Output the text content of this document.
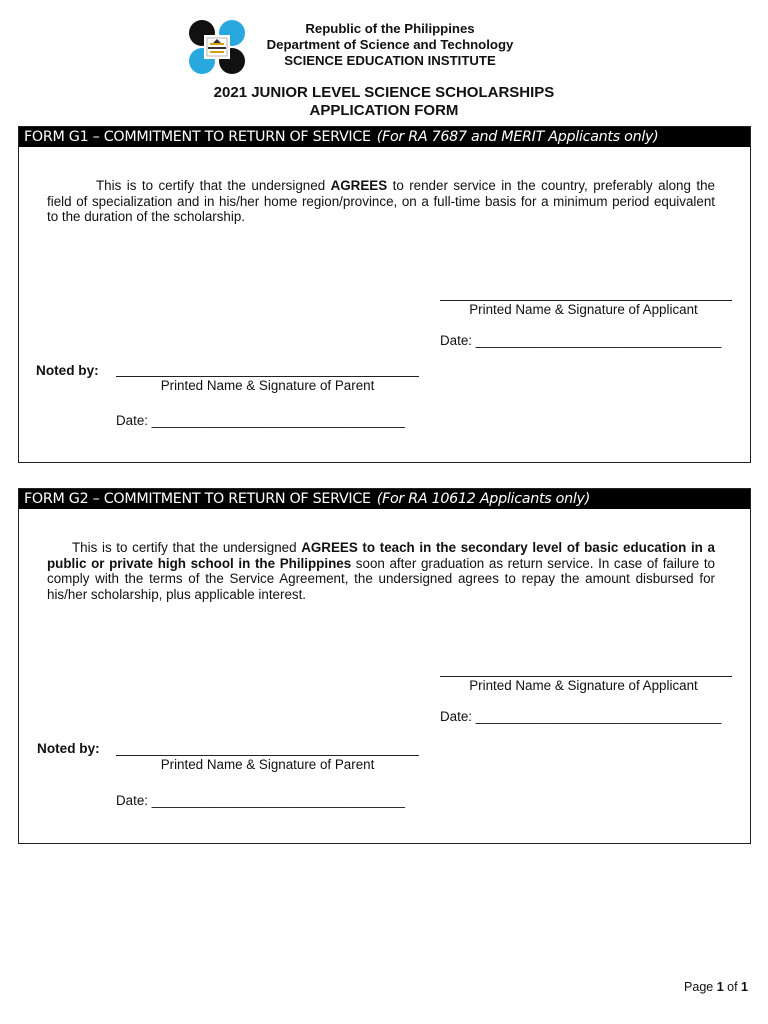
Republic of the Philippines
Department of Science and Technology
SCIENCE EDUCATION INSTITUTE
2021 JUNIOR LEVEL SCIENCE SCHOLARSHIPS
APPLICATION FORM
FORM G1 – COMMITMENT TO RETURN OF SERVICE (For RA 7687 and MERIT Applicants only)
This is to certify that the undersigned AGREES to render service in the country, preferably along the field of specialization and in his/her home region/province, on a full-time basis for a minimum period equivalent to the duration of the scholarship.
Printed Name & Signature of Applicant
Date: _________________________________
Noted by:
Printed Name & Signature of Parent
Date: __________________________________
FORM G2 – COMMITMENT TO RETURN OF SERVICE (For RA 10612 Applicants only)
This is to certify that the undersigned AGREES to teach in the secondary level of basic education in a public or private high school in the Philippines soon after graduation as return service. In case of failure to comply with the terms of the Service Agreement, the undersigned agrees to repay the amount disbursed for his/her scholarship, plus applicable interest.
Printed Name & Signature of Applicant
Date: _________________________________
Noted by:
Printed Name & Signature of Parent
Date: __________________________________
Page 1 of 1
